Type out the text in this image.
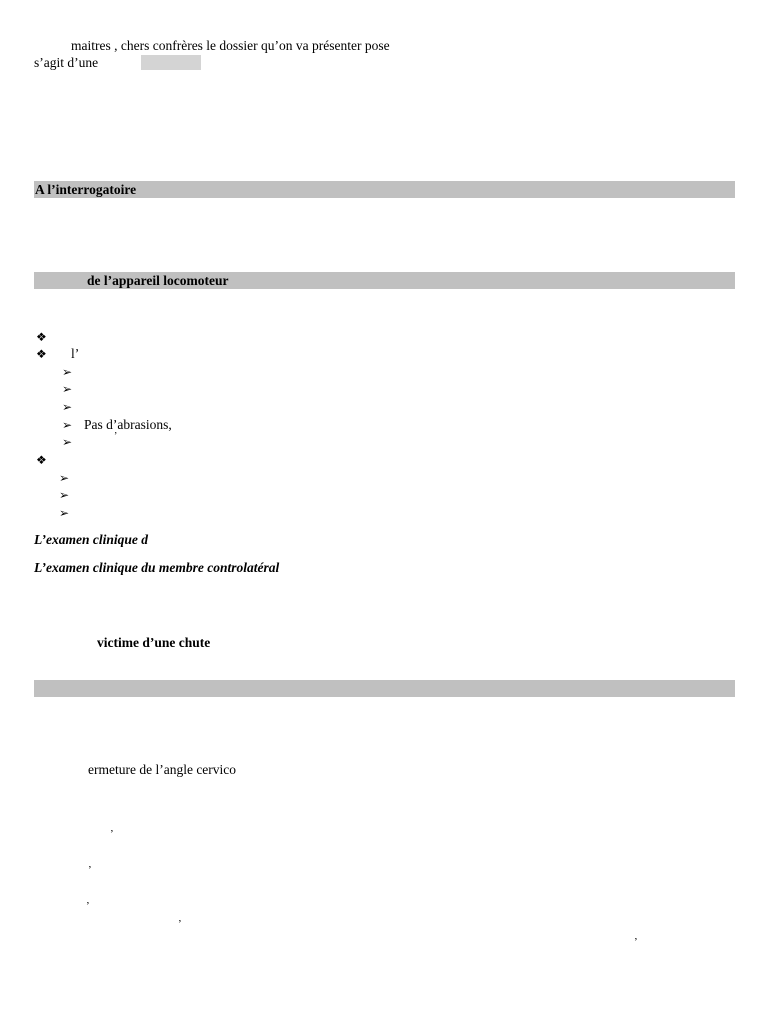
maitres , chers confrères le dossier qu’on va présenter pose
s’agit d’une
A l’interrogatoire
de l’appareil locomoteur
❖
❖ l’
➢
➢
➢
➢ Pas d’abrasions,
➢	’
❖
➢
➢
➢
L’examen clinique d
L’examen clinique du membre controlatéral
victime d’une chute
ermeture de l’angle cervico
’
’
’
’
’
